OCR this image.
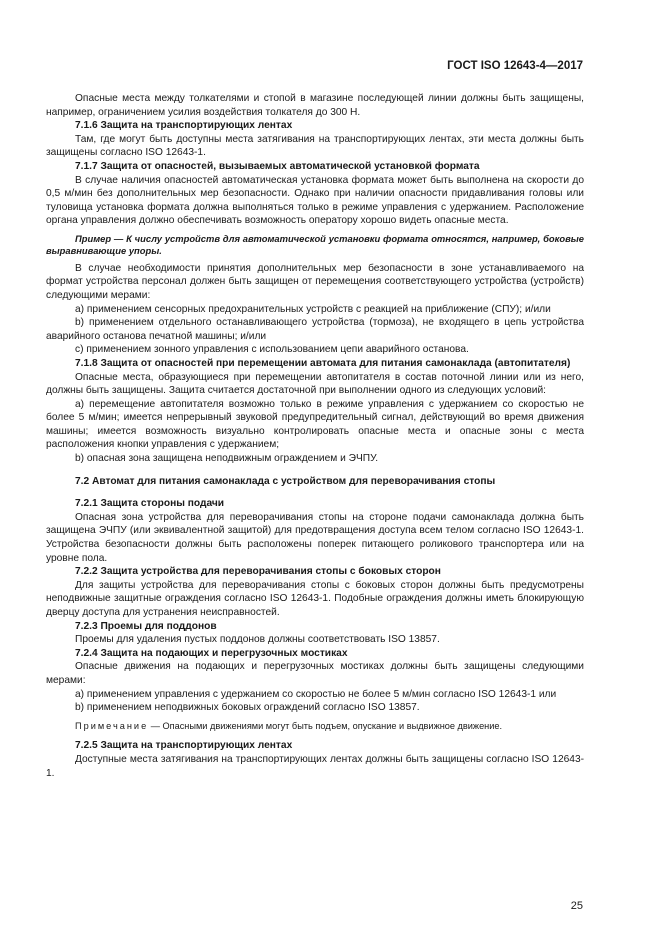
ГОСТ ISO 12643-4—2017

Опасные места между толкателями и стопой в магазине последующей линии должны быть защищены, например, ограничением усилия воздействия толкателя до 300 Н.

7.1.6 Защита на транспортирующих лентах

Там, где могут быть доступны места затягивания на транспортирующих лентах, эти места должны быть защищены согласно ISO 12643-1.

7.1.7 Защита от опасностей, вызываемых автоматической установкой формата

В случае наличия опасностей автоматическая установка формата может быть выполнена на скорости до 0,5 м/мин без дополнительных мер безопасности. Однако при наличии опасности придавливания головы или туловища установка формата должна выполняться только в режиме управления с удержанием. Расположение органа управления должно обеспечивать возможность оператору хорошо видеть опасные места.

Пример — К числу устройств для автоматической установки формата относятся, например, боковые выравнивающие упоры.

В случае необходимости принятия дополнительных мер безопасности в зоне устанавливаемого на формат устройства персонал должен быть защищен от перемещения соответствующего устройства (устройств) следующими мерами:

a) применением сенсорных предохранительных устройств с реакцией на приближение (СПУ); и/или

b) применением отдельного останавливающего устройства (тормоза), не входящего в цепь устройства аварийного останова печатной машины; и/или

c) применением зонного управления с использованием цепи аварийного останова.

7.1.8 Защита от опасностей при перемещении автомата для питания самонаклада (автопитателя)

Опасные места, образующиеся при перемещении автопитателя в состав поточной линии или из него, должны быть защищены. Защита считается достаточной при выполнении одного из следующих условий:

a) перемещение автопитателя возможно только в режиме управления с удержанием со скоростью не более 5 м/мин; имеется непрерывный звуковой предупредительный сигнал, действующий во время движения машины; имеется возможность визуально контролировать опасные места и опасные зоны с места расположения кнопки управления с удержанием;

b) опасная зона защищена неподвижным ограждением и ЭЧПУ.

7.2 Автомат для питания самонаклада с устройством для переворачивания стопы

7.2.1 Защита стороны подачи

Опасная зона устройства для переворачивания стопы на стороне подачи самонаклада должна быть защищена ЭЧПУ (или эквивалентной защитой) для предотвращения доступа всем телом согласно ISO 12643-1. Устройства безопасности должны быть расположены поперек питающего роликового транспортера или на уровне пола.

7.2.2 Защита устройства для переворачивания стопы с боковых сторон

Для защиты устройства для переворачивания стопы с боковых сторон должны быть предусмотрены неподвижные защитные ограждения согласно ISO 12643-1. Подобные ограждения должны иметь блокирующую дверцу доступа для устранения неисправностей.

7.2.3 Проемы для поддонов

Проемы для удаления пустых поддонов должны соответствовать ISO 13857.

7.2.4 Защита на подающих и перегрузочных мостиках

Опасные движения на подающих и перегрузочных мостиках должны быть защищены следующими мерами:

a) применением управления с удержанием со скоростью не более 5 м/мин согласно ISO 12643-1 или

b) применением неподвижных боковых ограждений согласно ISO 13857.

Примечание — Опасными движениями могут быть подъем, опускание и выдвижное движение.

7.2.5 Защита на транспортирующих лентах

Доступные места затягивания на транспортирующих лентах должны быть защищены согласно ISO 12643-1.

25
